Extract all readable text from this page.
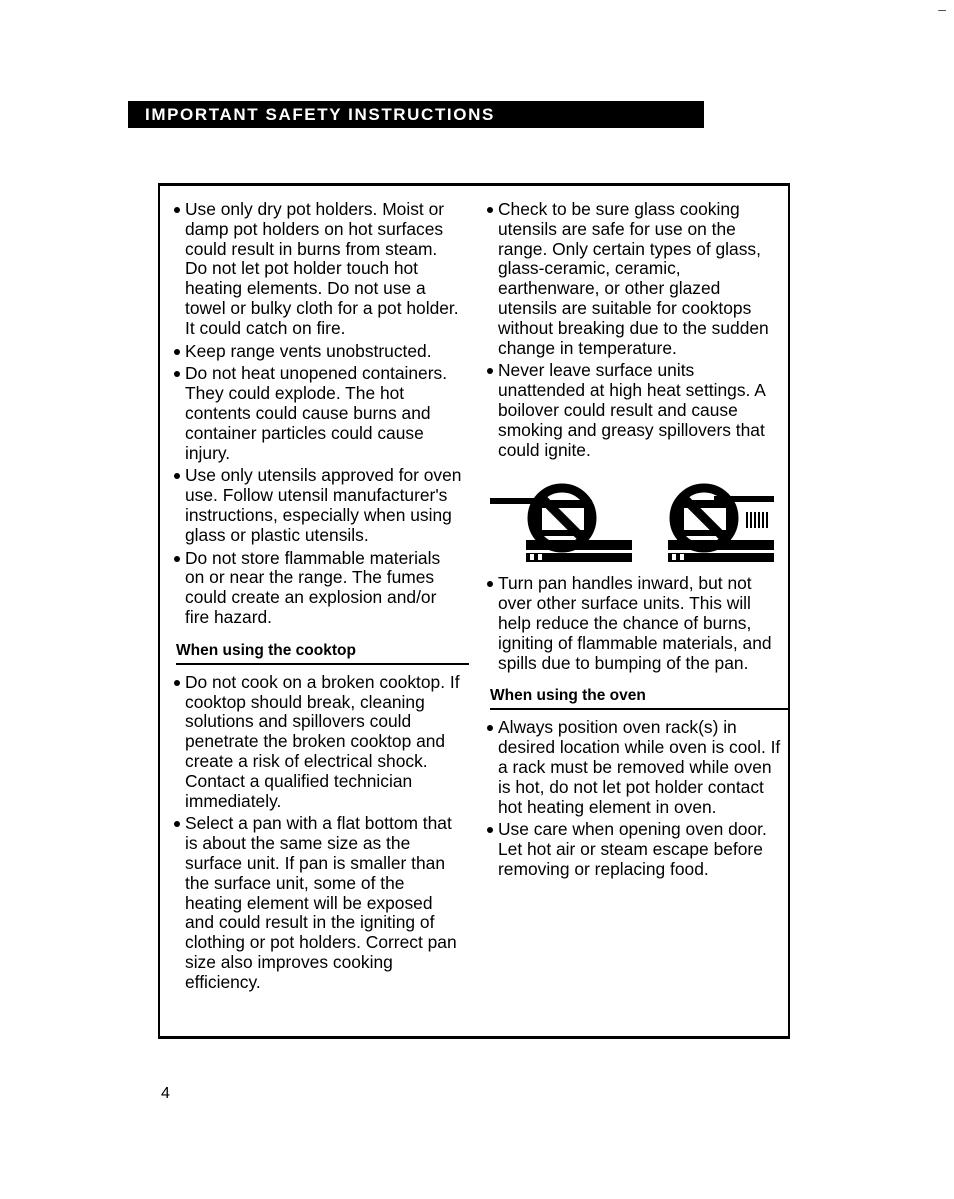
IMPORTANT SAFETY INSTRUCTIONS
Use only dry pot holders. Moist or damp pot holders on hot surfaces could result in burns from steam. Do not let pot holder touch hot heating elements. Do not use a towel or bulky cloth for a pot holder. It could catch on fire.
Keep range vents unobstructed.
Do not heat unopened containers. They could explode. The hot contents could cause burns and container particles could cause injury.
Use only utensils approved for oven use. Follow utensil manufacturer's instructions, especially when using glass or plastic utensils.
Do not store flammable materials on or near the range. The fumes could create an explosion and/or fire hazard.
When using the cooktop
Do not cook on a broken cooktop. If cooktop should break, cleaning solutions and spillovers could penetrate the broken cooktop and create a risk of electrical shock. Contact a qualified technician immediately.
Select a pan with a flat bottom that is about the same size as the surface unit. If pan is smaller than the surface unit, some of the heating element will be exposed and could result in the igniting of clothing or pot holders. Correct pan size also improves cooking efficiency.
Check to be sure glass cooking utensils are safe for use on the range. Only certain types of glass, glass-ceramic, ceramic, earthenware, or other glazed utensils are suitable for cooktops without breaking due to the sudden change in temperature.
Never leave surface units unattended at high heat settings. A boilover could result and cause smoking and greasy spillovers that could ignite.
Turn pan handles inward, but not over other surface units. This will help reduce the chance of burns, igniting of flammable materials, and spills due to bumping of the pan.
When using the oven
Always position oven rack(s) in desired location while oven is cool. If a rack must be removed while oven is hot, do not let pot holder contact hot heating element in oven.
Use care when opening oven door. Let hot air or steam escape before removing or replacing food.
4
–
